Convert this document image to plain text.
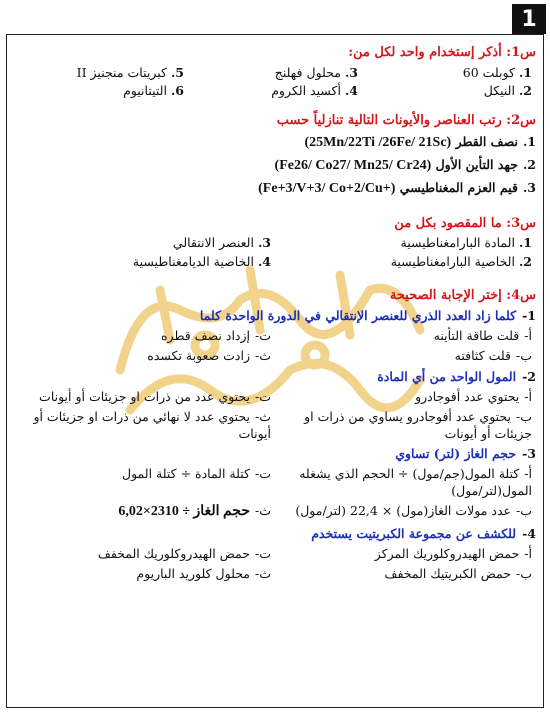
1
س1: أذكر إستخدام واحد لكل من:
1.كوبلت 60
3.محلول فهلنج
5.كبريتات منجنيز II
2.النيكل
4.أكسيد الكروم
6.التيتانيوم
س2: رتب العناصر والأيونات التالية تنازلياً حسب
1.نصف القطر (25Mn/22Ti /26Fe/ 21Sc)
2.جهد التأين الأول (Fe26/ Co27/ Mn25/ Cr24)
3.قيم العزم المغناطيسي (Fe+3/V+3/ Co+2/Cu+)
س3: ما المقصود بكل من
1.المادة البارامغناطيسية
3.العنصر الانتقالي
2.الخاصية البارامغناطيسية
4.الخاصية الديامغناطيسية
س4: إختر الإجابة الصحيحة
1-كلما زاد العدد الذري للعنصر الإنتقالي في الدورة الواحدة كلما
أ-قلت طاقة التأينه
ت-إزداد نصف قطره
ب-قلت كثافته
ث-زادت صعوبة تكسده
2-المول الواحد من أي المادة
أ-يحتوي عدد أفوجادرو
ت-يحتوي عدد من ذرات او جزيئات أو أيونات
ب-يحتوي عدد أفوجادرو يساوي من ذرات او جزيئات أو أيونات
ث-يحتوي عدد لا نهائي من ذرات او جزيئات أو أيونات
3-حجم الغاز (لتر) تساوي
أ-كتلة المول(جم/مول) ÷ الحجم الذي يشغله المول(لتر/مول)
ت-كتلة المادة ÷ كتلة المول
ب-عدد مولات الغاز(مول) × 22,4 (لتر/مول)
ث-حجم الغاز ÷ 2310×6,02
4-للكشف عن مجموعة الكبريتيت يستخدم
أ-حمض الهيدروكلوريك المركز
ت-حمض الهيدروكلوريك المخفف
ب-حمض الكبريتيك المخفف
ث-محلول كلوريد الباريوم
